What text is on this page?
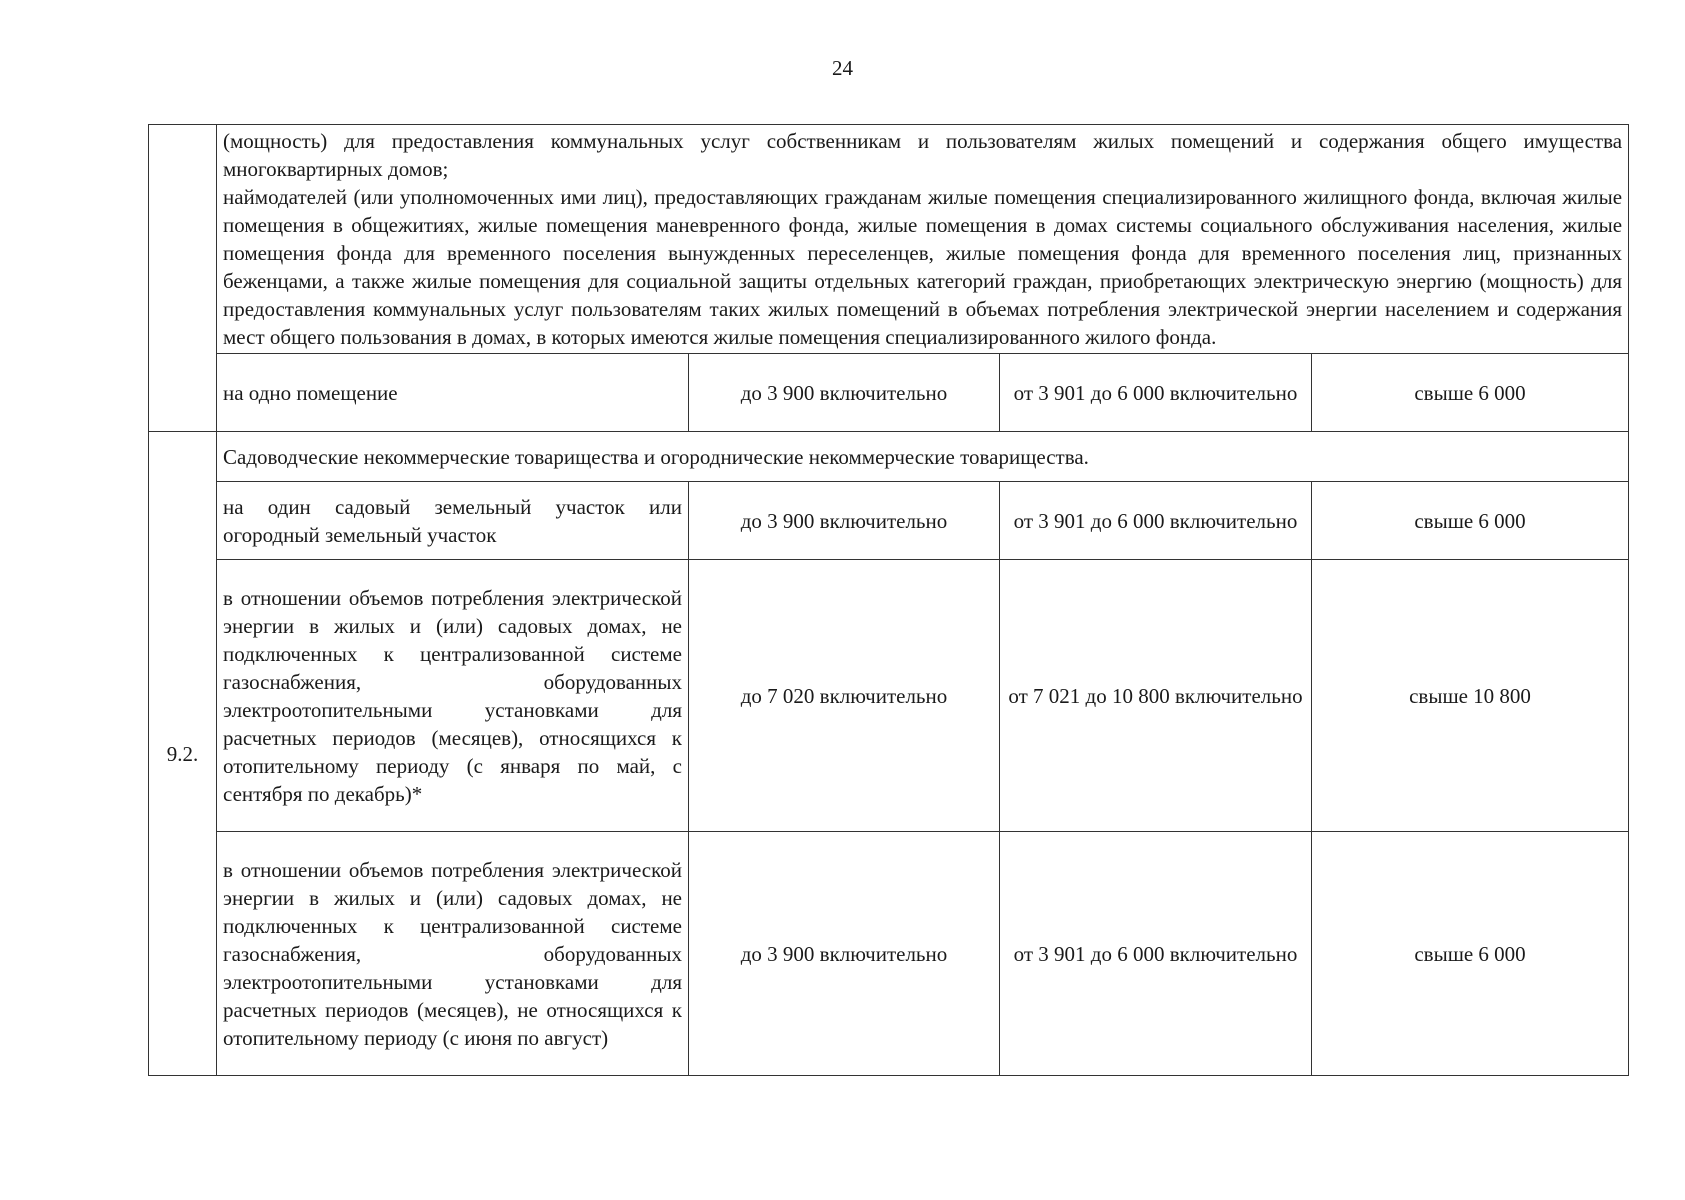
24

	(мощность) для предоставления коммунальных услуг собственникам и пользователям жилых помещений и содержания общего имущества многоквартирных домов;

наймодателей (или уполномоченных ими лиц), предоставляющих гражданам жилые помещения специализированного жилищного фонда, включая жилые помещения в общежитиях, жилые помещения маневренного фонда, жилые помещения в домах системы социального обслуживания населения, жилые помещения фонда для временного поселения вынужденных переселенцев, жилые помещения фонда для временного поселения лиц, признанных беженцами, а также жилые помещения для социальной защиты отдельных категорий граждан, приобретающих электрическую энергию (мощность) для предоставления коммунальных услуг пользователям таких жилых помещений в объемах потребления электрической энергии населением и содержания мест общего пользования в домах, в которых имеются жилые помещения специализированного жилого фонда.			

	на одно помещение	до 3 900 включительно	от 3 901 до 6 000 включительно	свыше 6 000
9.2.	Садоводческие некоммерческие товарищества и огороднические некоммерческие товарищества.			
	на один садовый земельный участок или огородный земельный участок	до 3 900 включительно	от 3 901 до 6 000 включительно	свыше 6 000
	в отношении объемов потребления электрической энергии в жилых и (или) садовых домах, не подключенных к централизованной системе газоснабжения, оборудованных электроотопительными установками для расчетных периодов (месяцев), относящихся к отопительному периоду (с января по май, с сентября по декабрь)*	до 7 020 включительно	от 7 021 до 10 800 включительно	свыше 10 800
	в отношении объемов потребления электрической энергии в жилых и (или) садовых домах, не подключенных к централизованной системе газоснабжения, оборудованных электроотопительными установками для расчетных периодов (месяцев), не относящихся к отопительному периоду (с июня по август)	до 3 900 включительно	от 3 901 до 6 000 включительно	свыше 6 000
